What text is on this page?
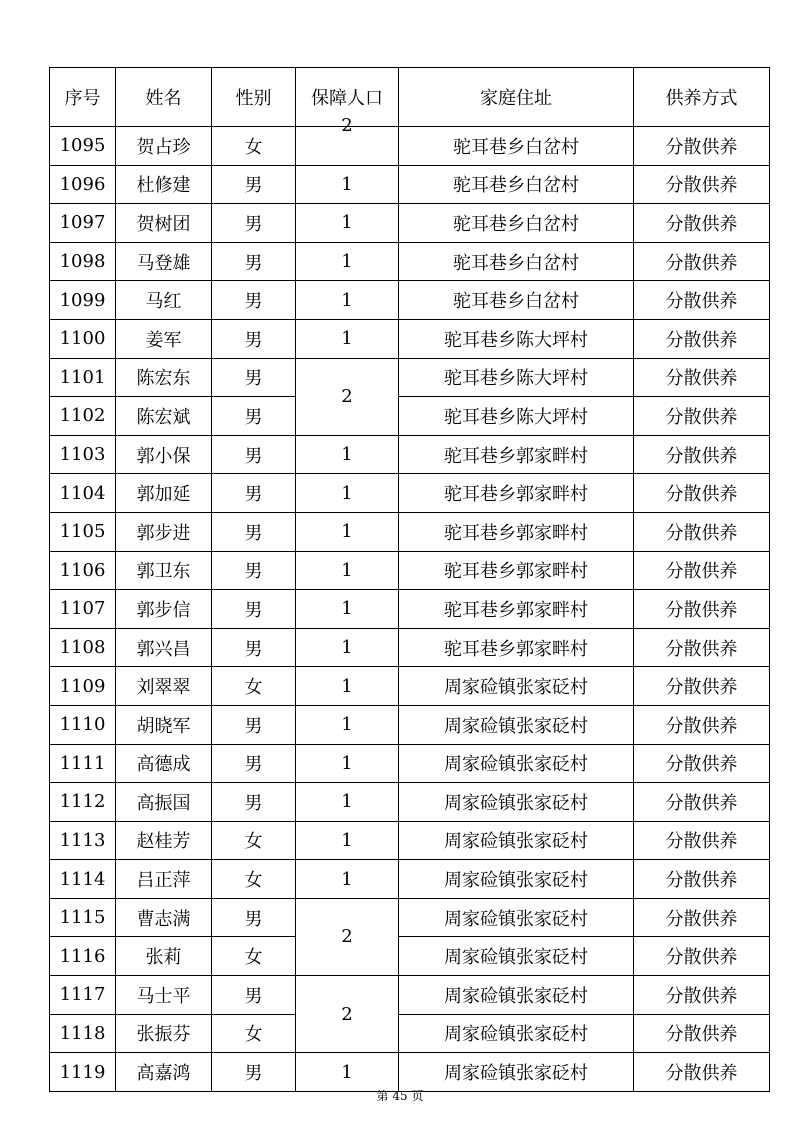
序号	姓名	性别	保障人口	家庭住址	供养方式
1095	贺占珍	女	2	驼耳巷乡白岔村	分散供养
1096	杜修建	男	1	驼耳巷乡白岔村	分散供养
1097	贺树团	男	1	驼耳巷乡白岔村	分散供养
1098	马登雄	男	1	驼耳巷乡白岔村	分散供养
1099	马红	男	1	驼耳巷乡白岔村	分散供养
1100	姜军	男	1	驼耳巷乡陈大坪村	分散供养
1101	陈宏东	男	2	驼耳巷乡陈大坪村	分散供养
1102	陈宏斌	男		驼耳巷乡陈大坪村	分散供养
1103	郭小保	男	1	驼耳巷乡郭家畔村	分散供养
1104	郭加延	男	1	驼耳巷乡郭家畔村	分散供养
1105	郭步进	男	1	驼耳巷乡郭家畔村	分散供养
1106	郭卫东	男	1	驼耳巷乡郭家畔村	分散供养
1107	郭步信	男	1	驼耳巷乡郭家畔村	分散供养
1108	郭兴昌	男	1	驼耳巷乡郭家畔村	分散供养
1109	刘翠翠	女	1	周家硷镇张家砭村	分散供养
1110	胡晓军	男	1	周家硷镇张家砭村	分散供养
1111	高德成	男	1	周家硷镇张家砭村	分散供养
1112	高振国	男	1	周家硷镇张家砭村	分散供养
1113	赵桂芳	女	1	周家硷镇张家砭村	分散供养
1114	吕正萍	女	1	周家硷镇张家砭村	分散供养
1115	曹志满	男	2	周家硷镇张家砭村	分散供养
1116	张莉	女		周家硷镇张家砭村	分散供养
1117	马士平	男	2	周家硷镇张家砭村	分散供养
1118	张振芬	女		周家硷镇张家砭村	分散供养
1119	高嘉鸿	男	1	周家硷镇张家砭村	分散供养
第 45 页
